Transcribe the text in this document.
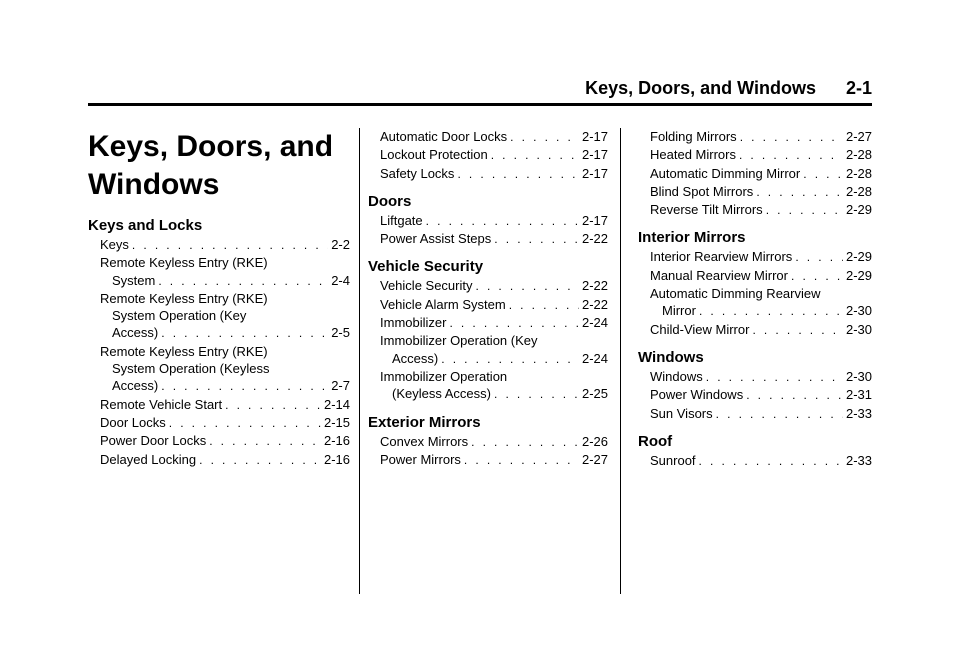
Keys, Doors, and Windows 2-1
Keys, Doors, and Windows
Keys and Locks
Keys . . .	2-2
Remote Keyless Entry (RKE)
System . . .	2-4
Remote Keyless Entry (RKE)
System Operation (Key
Access) . . .	2-5
Remote Keyless Entry (RKE)
System Operation (Keyless
Access) . . .	2-7
Remote Vehicle Start . . .	2-14
Door Locks . . .	2-15
Power Door Locks . . .	2-16
Delayed Locking . . .	2-16
Automatic Door Locks . . .	2-17
Lockout Protection . . .	2-17
Safety Locks . . .	2-17
Doors
Liftgate . . .	2-17
Power Assist Steps . . .	2-22
Vehicle Security
Vehicle Security . . .	2-22
Vehicle Alarm System . . .	2-22
Immobilizer . . .	2-24
Immobilizer Operation (Key
Access) . . .	2-24
Immobilizer Operation
(Keyless Access) . . .	2-25
Exterior Mirrors
Convex Mirrors . . .	2-26
Power Mirrors . . .	2-27
Folding Mirrors . . .	2-27
Heated Mirrors . . .	2-28
Automatic Dimming Mirror . . .	2-28
Blind Spot Mirrors . . .	2-28
Reverse Tilt Mirrors . . .	2-29
Interior Mirrors
Interior Rearview Mirrors . . .	2-29
Manual Rearview Mirror . . .	2-29
Automatic Dimming Rearview
Mirror . . .	2-30
Child-View Mirror . . .	2-30
Windows
Windows . . .	2-30
Power Windows . . .	2-31
Sun Visors . . .	2-33
Roof
Sunroof . . .	2-33
